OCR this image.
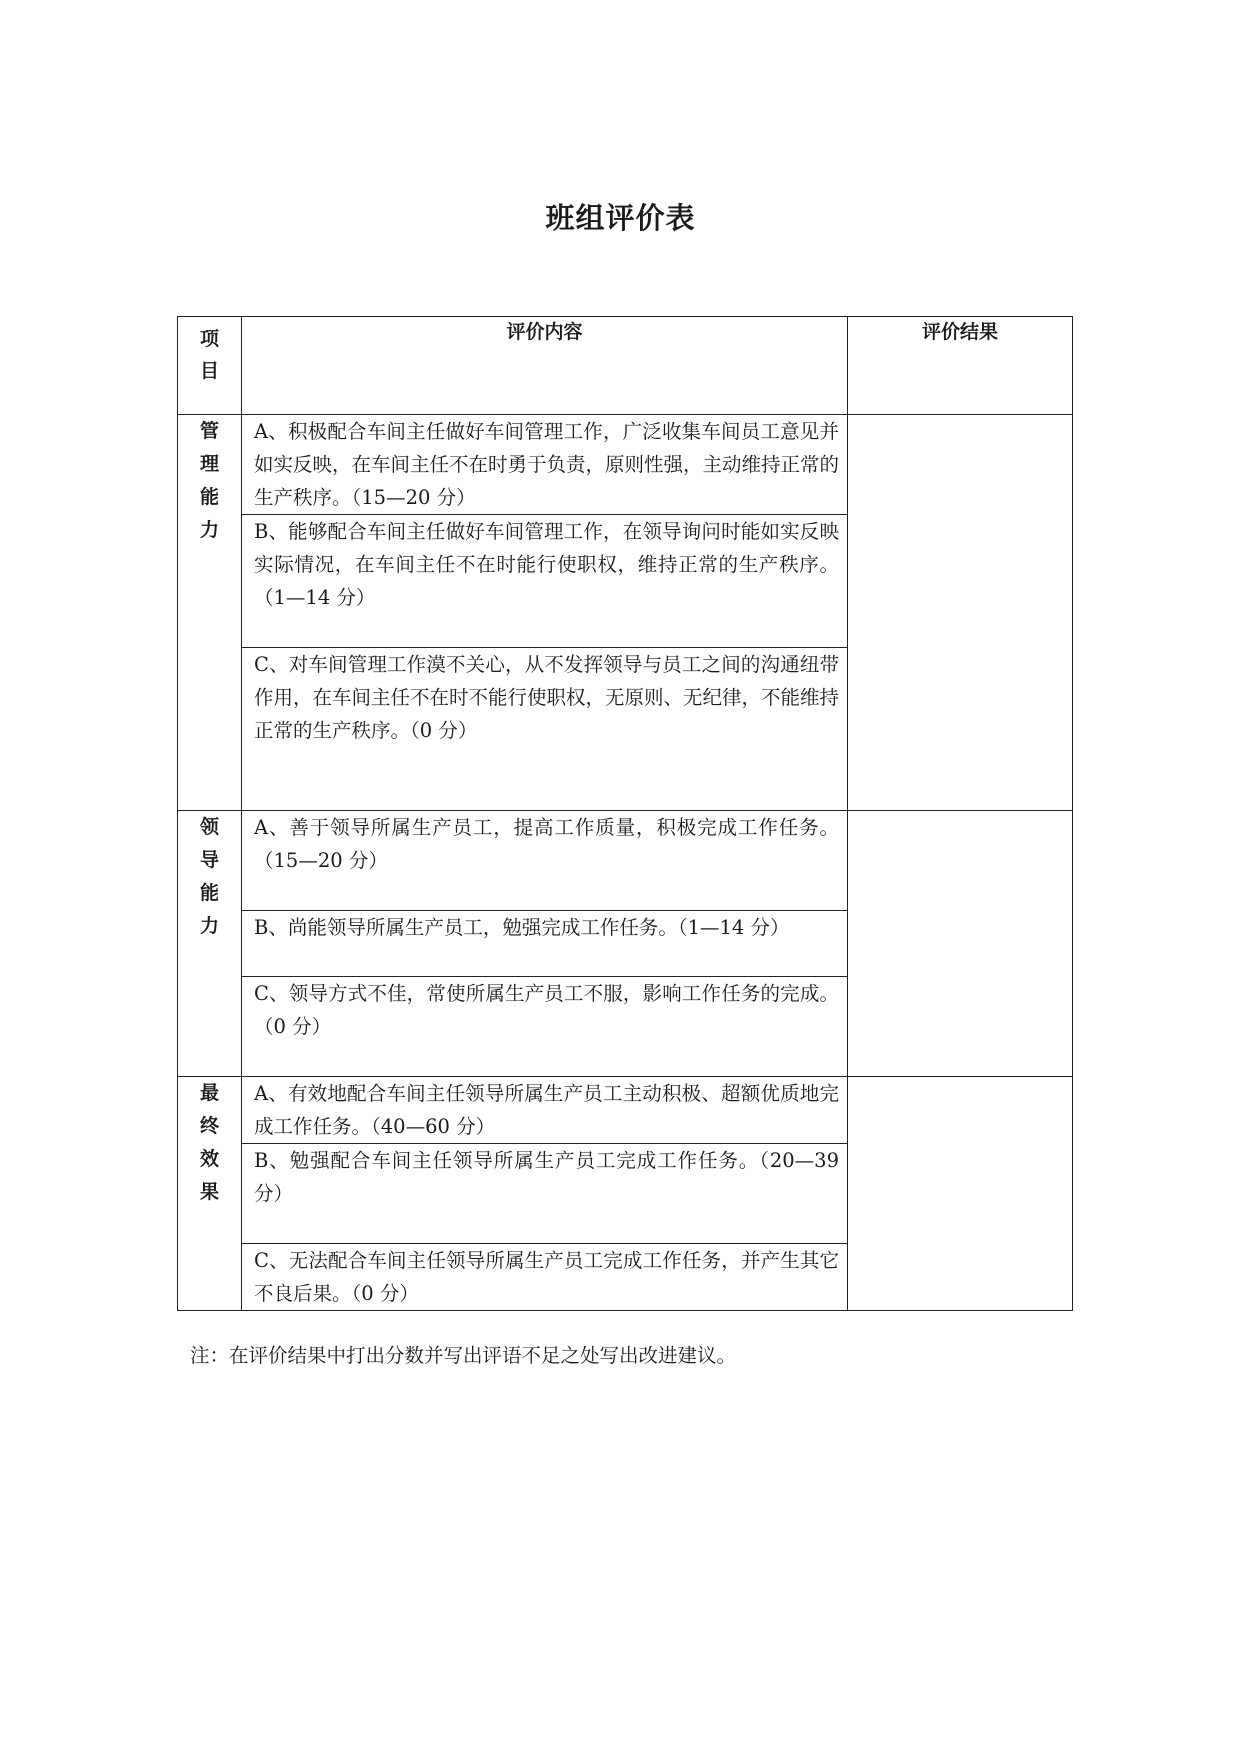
班组评价表
项
目	评价内容	评价结果

管
理
能
力	A、积极配合车间主任做好车间管理工作，广泛收集车间员工意见并如实反映，在车间主任不在时勇于负责，原则性强，主动维持正常的生产秩序。（15—20 分）	
	B、能够配合车间主任做好车间管理工作，在领导询问时能如实反映实际情况，在车间主任不在时能行使职权，维持正常的生产秩序。（1—14 分）	
	C、对车间管理工作漠不关心，从不发挥领导与员工之间的沟通纽带作用，在车间主任不在时不能行使职权，无原则、无纪律，不能维持正常的生产秩序。（0 分）	

领
导
能
力	A、善于领导所属生产员工，提高工作质量，积极完成工作任务。（15—20 分）	
	B、尚能领导所属生产员工，勉强完成工作任务。（1—14 分）	
	C、领导方式不佳，常使所属生产员工不服，影响工作任务的完成。（0 分）	

最
终
效
果	A、有效地配合车间主任领导所属生产员工主动积极、超额优质地完成工作任务。（40—60 分）	
	B、勉强配合车间主任领导所属生产员工完成工作任务。（20—39 分）	
	C、无法配合车间主任领导所属生产员工完成工作任务，并产生其它不良后果。（0 分）	
注：在评价结果中打出分数并写出评语不足之处写出改进建议。
